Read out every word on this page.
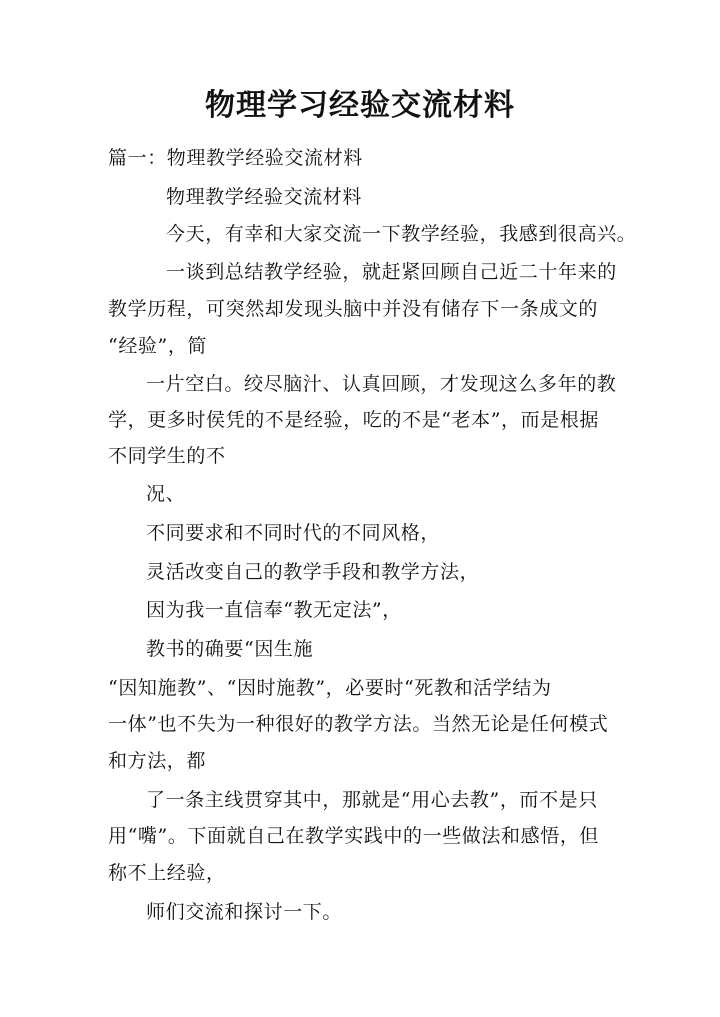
物理学习经验交流材料

篇一：物理教学经验交流材料

物理教学经验交流材料

今天，有幸和大家交流一下教学经验，我感到很高兴。

一谈到总结教学经验，就赶紧回顾自己近二十年来的

教学历程，可突然却发现头脑中并没有储存下一条成文的

“经验”，简

一片空白。绞尽脑汁、认真回顾，才发现这么多年的教

学，更多时侯凭的不是经验，吃的不是“老本”，而是根据

不同学生的不

况、

不同要求和不同时代的不同风格，

灵活改变自己的教学手段和教学方法，

因为我一直信奉“教无定法”，

教书的确要“因生施

“因知施教”、“因时施教”，必要时“死教和活学结为

一体”也不失为一种很好的教学方法。当然无论是任何模式

和方法，都

了一条主线贯穿其中，那就是“用心去教”，而不是只

用“嘴”。下面就自己在教学实践中的一些做法和感悟，但

称不上经验，

师们交流和探讨一下。
